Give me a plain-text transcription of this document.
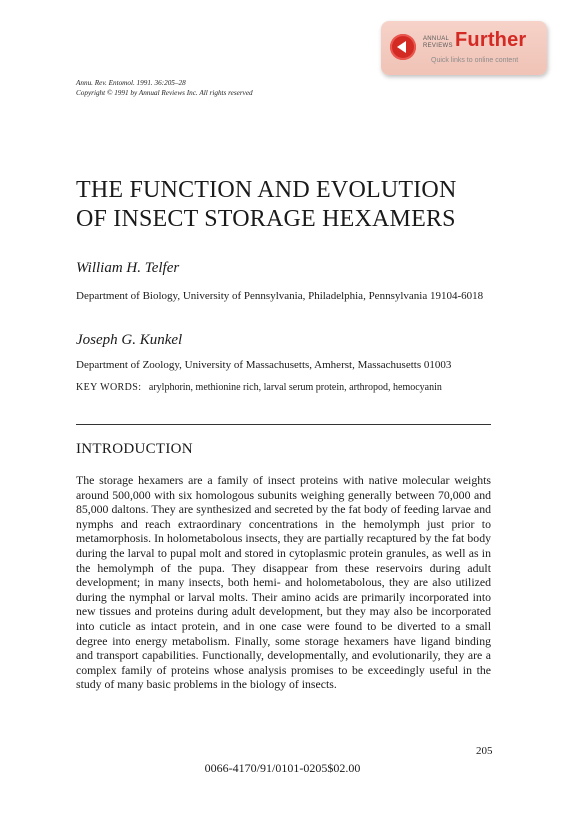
ANNUAL REVIEWS Further
Quick links to online content
Annu. Rev. Entomol. 1991. 36:205–28
Copyright © 1991 by Annual Reviews Inc. All rights reserved
THE FUNCTION AND EVOLUTION
OF INSECT STORAGE HEXAMERS
William H. Telfer
Department of Biology, University of Pennsylvania, Philadelphia, Pennsylvania 19104-6018
Joseph G. Kunkel
Department of Zoology, University of Massachusetts, Amherst, Massachusetts 01003
KEY WORDS: arylphorin, methionine rich, larval serum protein, arthropod, hemocyanin
INTRODUCTION
The storage hexamers are a family of insect proteins with native molecular weights around 500,000 with six homologous subunits weighing generally between 70,000 and 85,000 daltons. They are synthesized and secreted by the fat body of feeding larvae and nymphs and reach extraordinary concentrations in the hemolymph just prior to metamorphosis. In holometabolous insects, they are partially recaptured by the fat body during the larval to pupal molt and stored in cytoplasmic protein granules, as well as in the hemolymph of the pupa. They disappear from these reservoirs during adult development; in many insects, both hemi- and holometabolous, they are also utilized during the nymphal or larval molts. Their amino acids are primarily incorporated into new tissues and proteins during adult development, but they may also be incorporated into cuticle as intact protein, and in one case were found to be diverted to a small degree into energy metabolism. Finally, some storage hexamers have ligand binding and transport capabilities. Functionally, developmentally, and evolutionarily, they are a complex family of proteins whose analysis promises to be exceedingly useful in the study of many basic problems in the biology of insects.
205
0066-4170/91/0101-0205$02.00
